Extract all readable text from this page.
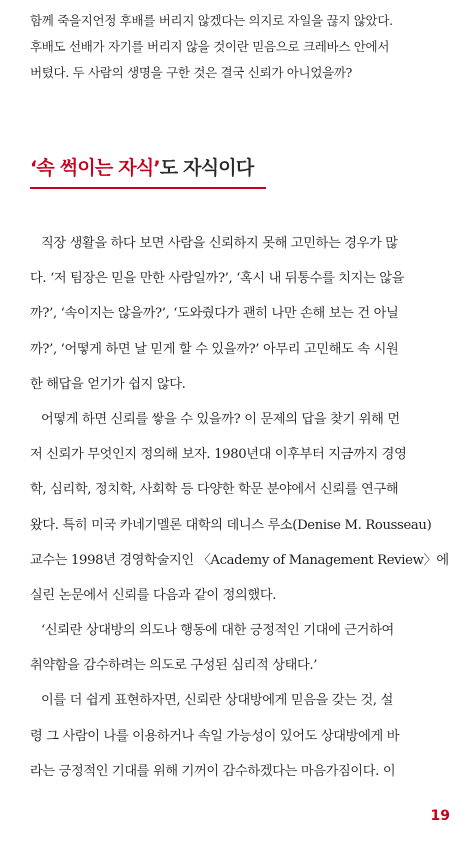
함께 죽을지언정 후배를 버리지 않겠다는 의지로 자일을 끊지 않았다.

후배도 선배가 자기를 버리지 않을 것이란 믿음으로 크레바스 안에서

버텼다. 두 사람의 생명을 구한 것은 결국 신뢰가 아니었을까?

‘속 썩이는 자식’도 자식이다
직장 생활을 하다 보면 사람을 신뢰하지 못해 고민하는 경우가 많
다. ‘저 팀장은 믿을 만한 사람일까?’, ‘혹시 내 뒤통수를 치지는 않을
까?’, ‘속이지는 않을까?’, ‘도와줬다가 괜히 나만 손해 보는 건 아닐
까?’, ‘어떻게 하면 날 믿게 할 수 있을까?’ 아무리 고민해도 속 시원
한 해답을 얻기가 쉽지 않다.
어떻게 하면 신뢰를 쌓을 수 있을까? 이 문제의 답을 찾기 위해 먼
저 신뢰가 무엇인지 정의해 보자. 1980년대 이후부터 지금까지 경영
학, 심리학, 정치학, 사회학 등 다양한 학문 분야에서 신뢰를 연구해
왔다. 특히 미국 카네기멜론 대학의 데니스 루소(Denise M. Rousseau)
교수는 1998년 경영학술지인 〈Academy of Management Review〉에
실린 논문에서 신뢰를 다음과 같이 정의했다.
‘신뢰란 상대방의 의도나 행동에 대한 긍정적인 기대에 근거하여
취약함을 감수하려는 의도로 구성된 심리적 상태다.’
이를 더 쉽게 표현하자면, 신뢰란 상대방에게 믿음을 갖는 것, 설
령 그 사람이 나를 이용하거나 속일 가능성이 있어도 상대방에게 바
라는 긍정적인 기대를 위해 기꺼이 감수하겠다는 마음가짐이다. 이
19
